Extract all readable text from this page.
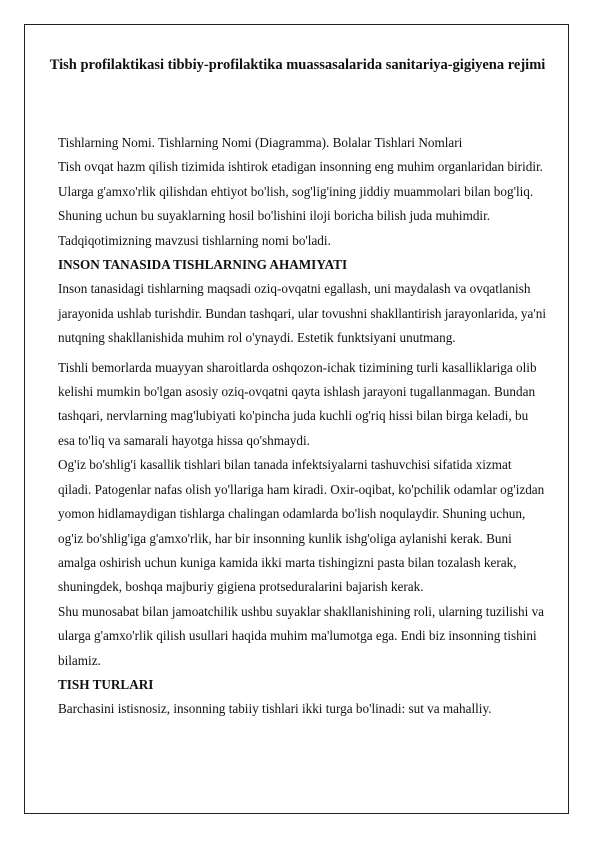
Tish profilaktikasi tibbiy-profilaktika muassasalarida sanitariya-gigiyena rejimi

Tishlarning Nomi. Tishlarning Nomi (Diagramma). Bolalar Tishlari Nomlari

Tish ovqat hazm qilish tizimida ishtirok etadigan insonning eng muhim organlaridan biridir. Ularga g'amxo'rlik qilishdan ehtiyot bo'lish, sog'lig'ining jiddiy muammolari bilan bog'liq. Shuning uchun bu suyaklarning hosil bo'lishini iloji boricha bilish juda muhimdir. Tadqiqotimizning mavzusi tishlarning nomi bo'ladi.

INSON TANASIDA TISHLARNING AHAMIYATI

Inson tanasidagi tishlarning maqsadi oziq-ovqatni egallash, uni maydalash va ovqatlanish jarayonida ushlab turishdir. Bundan tashqari, ular tovushni shakllantirish jarayonlarida, ya'ni nutqning shakllanishida muhim rol o'ynaydi. Estetik funktsiyani unutmang.

Tishli bemorlarda muayyan sharoitlarda oshqozon-ichak tizimining turli kasalliklariga olib kelishi mumkin bo'lgan asosiy oziq-ovqatni qayta ishlash jarayoni tugallanmagan. Bundan tashqari, nervlarning mag'lubiyati ko'pincha juda kuchli og'riq hissi bilan birga keladi, bu esa to'liq va samarali hayotga hissa qo'shmaydi.

Og'iz bo'shlig'i kasallik tishlari bilan tanada infektsiyalarni tashuvchisi sifatida xizmat qiladi. Patogenlar nafas olish yo'llariga ham kiradi. Oxir-oqibat, ko'pchilik odamlar og'izdan yomon hidlamaydigan tishlarga chalingan odamlarda bo'lish noqulaydir. Shuning uchun, og'iz bo'shlig'iga g'amxo'rlik, har bir insonning kunlik ishg'oliga aylanishi kerak. Buni amalga oshirish uchun kuniga kamida ikki marta tishingizni pasta bilan tozalash kerak, shuningdek, boshqa majburiy gigiena protseduralarini bajarish kerak.

Shu munosabat bilan jamoatchilik ushbu suyaklar shakllanishining roli, ularning tuzilishi va ularga g'amxo'rlik qilish usullari haqida muhim ma'lumotga ega. Endi biz insonning tishini bilamiz.

TISH TURLARI

Barchasini istisnosiz, insonning tabiiy tishlari ikki turga bo'linadi: sut va mahalliy.
